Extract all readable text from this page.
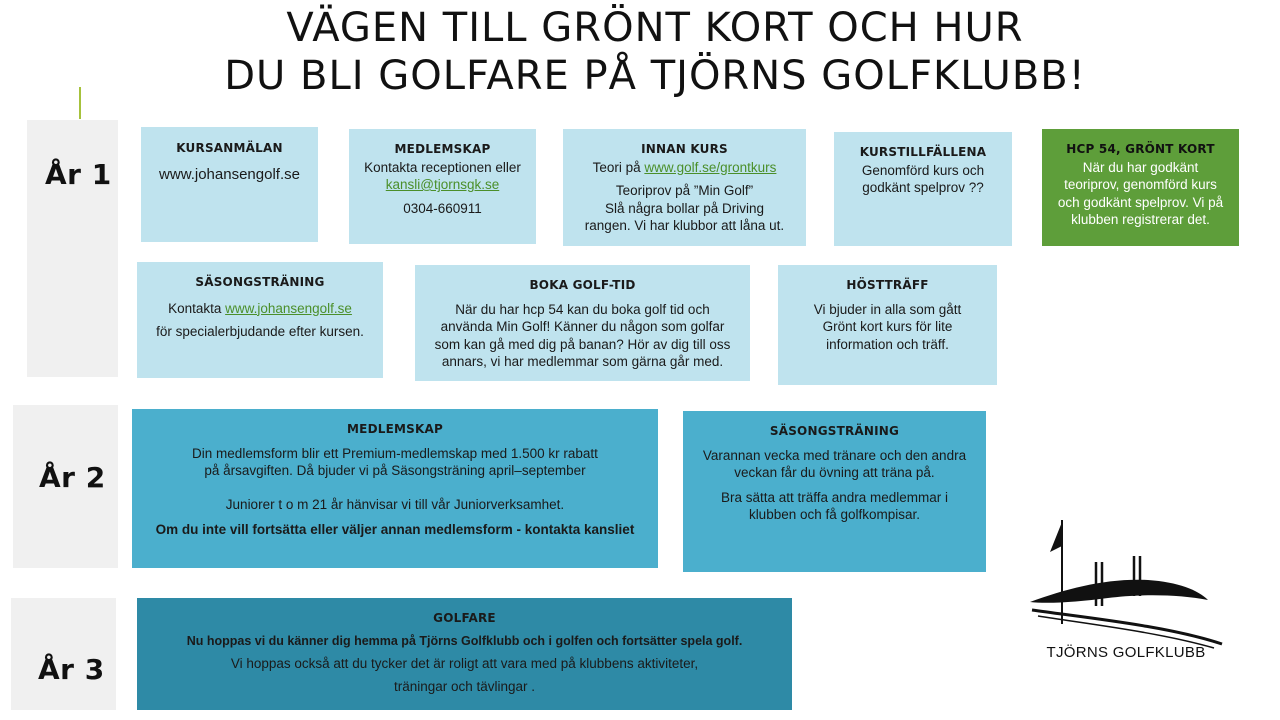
VÄGEN TILL GRÖNT KORT OCH HUR
DU BLI GOLFARE PÅ TJÖRNS GOLFKLUBB!
År 1
År 2
År 3
KURSANMÄLAN

www.johansengolf.se

MEDLEMSKAP

Kontakta receptionen eller

kansli@tjornsgk.se

0304-660911

INNAN KURS

Teori på www.golf.se/grontkurs

Teoriprov på ”Min Golf”

Slå några bollar på Driving

rangen. Vi har klubbor att låna ut.

KURSTILLFÄLLENA

Genomförd kurs och

godkänt spelprov ??

HCP 54, GRÖNT KORT

När du har godkänt

teoriprov, genomförd kurs

och godkänt spelprov. Vi på

klubben registrerar det.

SÄSONGSTRÄNING

Kontakta www.johansengolf.se

för specialerbjudande efter kursen.

BOKA GOLF-TID

När du har hcp 54 kan du boka golf tid och

använda Min Golf! Känner du någon som golfar

som kan gå med dig på banan? Hör av dig till oss

annars, vi har medlemmar som gärna går med.

HÖSTTRÄFF

Vi bjuder in alla som gått

Grönt kort kurs för lite

information och träff.

MEDLEMSKAP

Din medlemsform blir ett Premium-medlemskap med 1.500 kr rabatt

på årsavgiften. Då bjuder vi på Säsongsträning april–september

Juniorer t o m 21 år hänvisar vi till vår Juniorverksamhet.

Om du inte vill fortsätta eller väljer annan medlemsform - kontakta kansliet

SÄSONGSTRÄNING

Varannan vecka med tränare och den andra

veckan får du övning att träna på.

Bra sätta att träffa andra medlemmar i

klubben och få golfkompisar.

GOLFARE

Nu hoppas vi du känner dig hemma på Tjörns Golfklubb och i golfen och fortsätter spela golf.

Vi hoppas också att du tycker det är roligt att vara med på klubbens aktiviteter,

träningar och tävlingar .

TJÖRNS GOLFKLUBB
